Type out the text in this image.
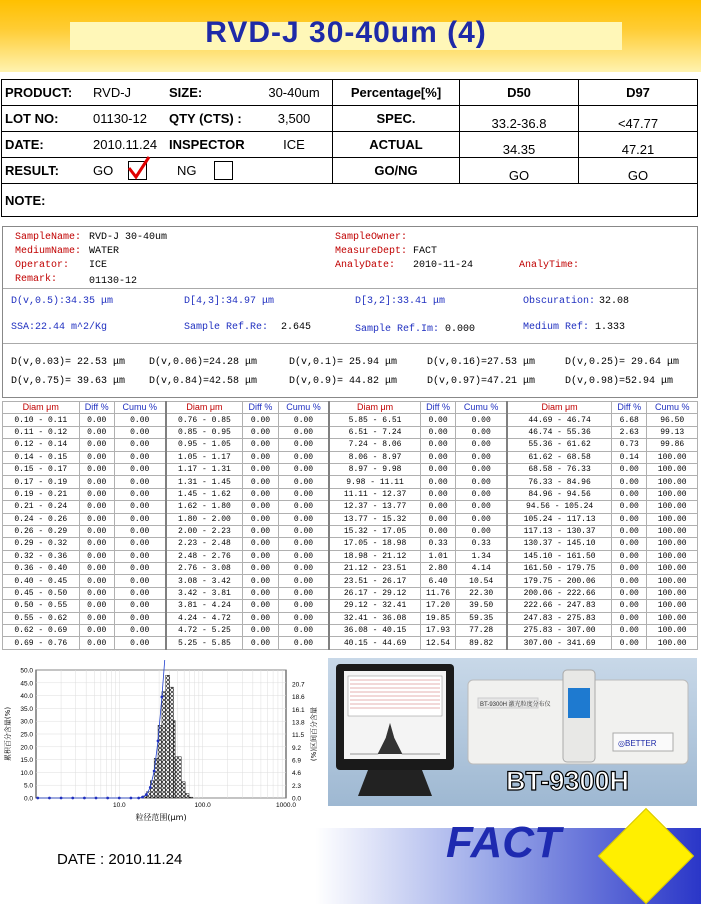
RVD-J 30-40um (4)
PRODUCT:	RVD-J	SIZE:	30-40um	Percentage[%]	D50	D97
LOT NO:	01130-12	QTY (CTS) :	3,500	SPEC.	33.2-36.8	<47.77
DATE:	2010.11.24	INSPECTOR	ICE	ACTUAL	34.35	47.21
RESULT:	GO	NG		GO/NG	GO	GO
NOTE:						
SampleName: RVD-J 30-40um
MediumName: WATER
Operator: ICE
Remark:	01130-12
SampleOwner:
MeasureDept: FACT
AnalyDate: 2010-11-24	AnalyTime:
D(v,0.5):34.35 μm	D[4,3]:34.97 μm	D[3,2]:33.41 μm	Obscuration: 32.08
SSA:22.44 m^2/Kg	Sample Ref.Re: 2.645	Sample Ref.Im: 0.000	Medium Ref: 1.333
D(v,0.03)= 22.53 μm D(v,0.06)=24.28 μm	D(v,0.1)= 25.94 μm	D(v,0.16)=27.53 μm	D(v,0.25)= 29.64 μm
D(v,0.75)= 39.63 μm D(v,0.84)=42.58 μm	D(v,0.9)= 44.82 μm	D(v,0.97)=47.21 μm	D(v,0.98)=52.94 μm
Diam μm	Diff %	Cumu %	Diam μm	Diff %	Cumu %	Diam μm	Diff %	Cumu %	Diam μm	Diff %	Cumu %
0.10 - 0.11	0.00	0.00	0.76 - 0.85	0.00	0.00	5.85 - 6.51	0.00	0.00	44.69 - 46.74	6.68	96.50
0.11 - 0.12	0.00	0.00	0.85 - 0.95	0.00	0.00	6.51 - 7.24	0.00	0.00	46.74 - 55.36	2.63	99.13
0.12 - 0.14	0.00	0.00	0.95 - 1.05	0.00	0.00	7.24 - 8.06	0.00	0.00	55.36 - 61.62	0.73	99.86
0.14 - 0.15	0.00	0.00	1.05 - 1.17	0.00	0.00	8.06 - 8.97	0.00	0.00	61.62 - 68.58	0.14	100.00
0.15 - 0.17	0.00	0.00	1.17 - 1.31	0.00	0.00	8.97 - 9.98	0.00	0.00	68.58 - 76.33	0.00	100.00
0.17 - 0.19	0.00	0.00	1.31 - 1.45	0.00	0.00	9.98 - 11.11	0.00	0.00	76.33 - 84.96	0.00	100.00
0.19 - 0.21	0.00	0.00	1.45 - 1.62	0.00	0.00	11.11 - 12.37	0.00	0.00	84.96 - 94.56	0.00	100.00
0.21 - 0.24	0.00	0.00	1.62 - 1.80	0.00	0.00	12.37 - 13.77	0.00	0.00	94.56 - 105.24	0.00	100.00
0.24 - 0.26	0.00	0.00	1.80 - 2.00	0.00	0.00	13.77 - 15.32	0.00	0.00	105.24 - 117.13	0.00	100.00
0.26 - 0.29	0.00	0.00	2.00 - 2.23	0.00	0.00	15.32 - 17.05	0.00	0.00	117.13 - 130.37	0.00	100.00
0.29 - 0.32	0.00	0.00	2.23 - 2.48	0.00	0.00	17.05 - 18.98	0.33	0.33	130.37 - 145.10	0.00	100.00
0.32 - 0.36	0.00	0.00	2.48 - 2.76	0.00	0.00	18.98 - 21.12	1.01	1.34	145.10 - 161.50	0.00	100.00
0.36 - 0.40	0.00	0.00	2.76 - 3.08	0.00	0.00	21.12 - 23.51	2.80	4.14	161.50 - 179.75	0.00	100.00
0.40 - 0.45	0.00	0.00	3.08 - 3.42	0.00	0.00	23.51 - 26.17	6.40	10.54	179.75 - 200.06	0.00	100.00
0.45 - 0.50	0.00	0.00	3.42 - 3.81	0.00	0.00	26.17 - 29.12	11.76	22.30	200.06 - 222.66	0.00	100.00
0.50 - 0.55	0.00	0.00	3.81 - 4.24	0.00	0.00	29.12 - 32.41	17.20	39.50	222.66 - 247.83	0.00	100.00
0.55 - 0.62	0.00	0.00	4.24 - 4.72	0.00	0.00	32.41 - 36.08	19.85	59.35	247.83 - 275.83	0.00	100.00
0.62 - 0.69	0.00	0.00	4.72 - 5.25	0.00	0.00	36.08 - 40.15	17.93	77.28	275.83 - 307.00	0.00	100.00
0.69 - 0.76	0.00	0.00	5.25 - 5.85	0.00	0.00	40.15 - 44.69	12.54	89.82	307.00 - 341.69	0.00	100.00
50.0
45.0
40.0
35.0
30.0
25.0
20.0
15.0
10.0
5.0
0.0
20.7
18.6
16.1
13.8
11.5
9.2
6.9
4.6
2.3
0.0
10.0	100.0	1000.0
粒径范围(μm)
累积百分含量(%)	(%)区间百分含量
BT-9300H 激光粒度分布仪
◎BETTER
BT-9300H
DATE : 2010.11.24	FACT
